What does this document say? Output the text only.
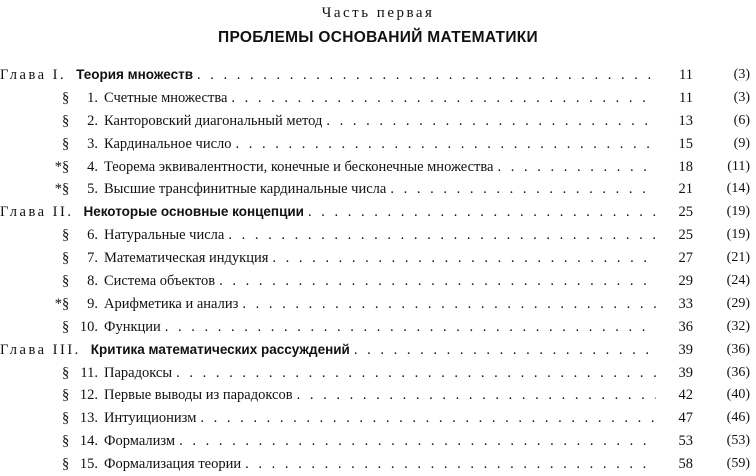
Часть первая
ПРОБЛЕМЫ ОСНОВАНИЙ МАТЕМАТИКИ
Глава I. Теория множеств . . .	11	(3)
§ 1. Счетные множества . . .	11	(3)
§ 2. Канторовский диагональный метод . . .	13	(6)
§ 3. Кардинальное число . . .	15	(9)
*§ 4. Теорема эквивалентности, конечные и бесконечные множества . . .	18	(11)
*§ 5. Высшие трансфинитные кардинальные числа . . .	21	(14)
Глава II. Некоторые основные концепции . . .	25	(19)
§ 6. Натуральные числа . . .	25	(19)
§ 7. Математическая индукция . . .	27	(21)
§ 8. Система объектов . . .	29	(24)
*§ 9. Арифметика и анализ . . .	33	(29)
§ 10. Функции . . .	36	(32)
Глава III. Критика математических рассуждений . . .	39	(36)
§ 11. Парадоксы . . .	39	(36)
§ 12. Первые выводы из парадоксов . . .	42	(40)
§ 13. Интуиционизм . . .	47	(46)
§ 14. Формализм . . .	53	(53)
§ 15. Формализация теории . . .	58	(59)
